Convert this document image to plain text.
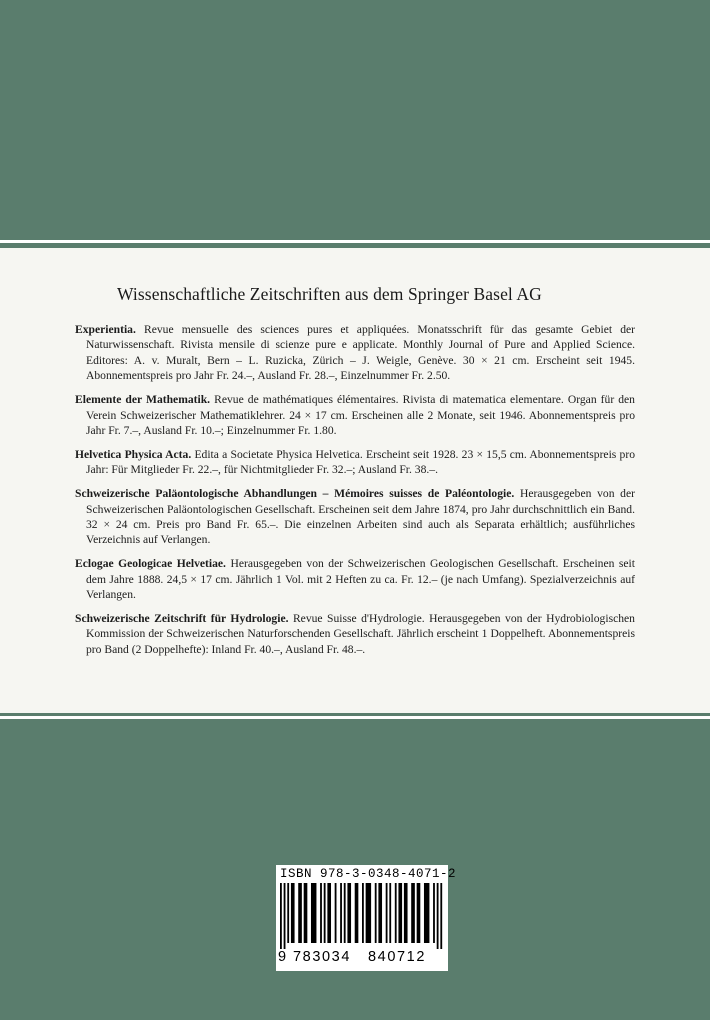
Wissenschaftliche Zeitschriften aus dem Springer Basel AG
Experientia. Revue mensuelle des sciences pures et appliquées. Monatsschrift für das gesamte Gebiet der Naturwissenschaft. Rivista mensile di scienze pure e applicate. Monthly Journal of Pure and Applied Science. Editores: A. v. Muralt, Bern – L. Ruzicka, Zürich – J. Weigle, Genève. 30 × 21 cm. Erscheint seit 1945. Abonnementspreis pro Jahr Fr. 24.–, Ausland Fr. 28.–, Einzelnummer Fr. 2.50.
Elemente der Mathematik. Revue de mathématiques élémentaires. Rivista di matematica elementare. Organ für den Verein Schweizerischer Mathematiklehrer. 24 × 17 cm. Erscheinen alle 2 Monate, seit 1946. Abonnementspreis pro Jahr Fr. 7.–, Ausland Fr. 10.–; Einzelnummer Fr. 1.80.
Helvetica Physica Acta. Edita a Societate Physica Helvetica. Erscheint seit 1928. 23 × 15,5 cm. Abonnementspreis pro Jahr: Für Mitglieder Fr. 22.–, für Nichtmitglieder Fr. 32.–; Ausland Fr. 38.–.
Schweizerische Paläontologische Abhandlungen – Mémoires suisses de Paléontologie. Herausgegeben von der Schweizerischen Paläontologischen Gesellschaft. Erscheinen seit dem Jahre 1874, pro Jahr durchschnittlich ein Band. 32 × 24 cm. Preis pro Band Fr. 65.–. Die einzelnen Arbeiten sind auch als Separata erhältlich; ausführliches Verzeichnis auf Verlangen.
Eclogae Geologicae Helvetiae. Herausgegeben von der Schweizerischen Geologischen Gesellschaft. Erscheinen seit dem Jahre 1888. 24,5 × 17 cm. Jährlich 1 Vol. mit 2 Heften zu ca. Fr. 12.– (je nach Umfang). Spezialverzeichnis auf Verlangen.
Schweizerische Zeitschrift für Hydrologie. Revue Suisse d'Hydrologie. Herausgegeben von der Hydrobiologischen Kommission der Schweizerischen Naturforschenden Gesellschaft. Jährlich erscheint 1 Doppelheft. Abonnementspreis pro Band (2 Doppelhefte): Inland Fr. 40.–, Ausland Fr. 48.–.
ISBN 978-3-0348-4071-2
9 783034 840712
